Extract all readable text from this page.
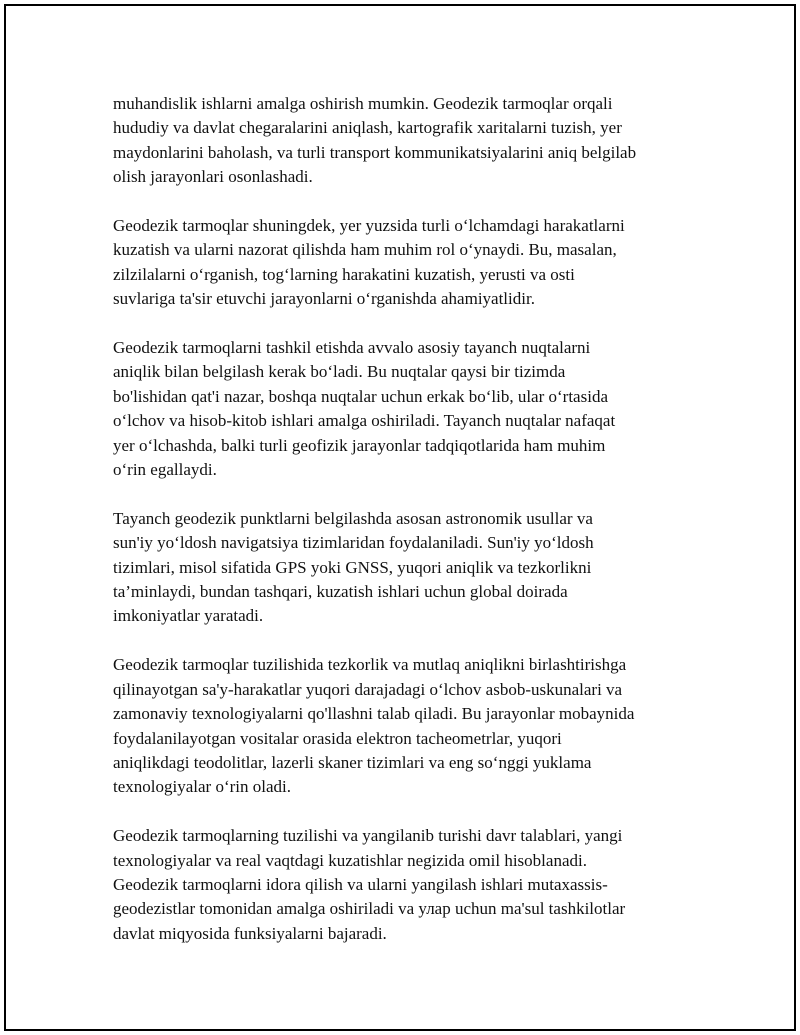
muhandislik ishlarni amalga oshirish mumkin. Geodezik tarmoqlar orqali
hududiy va davlat chegaralarini aniqlash, kartografik xaritalarni tuzish, yer
maydonlarini baholash, va turli transport kommunikatsiyalarini aniq belgilab
olish jarayonlari osonlashadi.

Geodezik tarmoqlar shuningdek, yer yuzsida turli o‘lchamdagi harakatlarni
kuzatish va ularni nazorat qilishda ham muhim rol o‘ynaydi. Bu, masalan,
zilzilalarni o‘rganish, tog‘larning harakatini kuzatish, yerusti va osti
suvlariga ta'sir etuvchi jarayonlarni o‘rganishda ahamiyatlidir.

Geodezik tarmoqlarni tashkil etishda avvalo asosiy tayanch nuqtalarni
aniqlik bilan belgilash kerak bo‘ladi. Bu nuqtalar qaysi bir tizimda
bo'lishidan qat'i nazar, boshqa nuqtalar uchun erkak bo‘lib, ular o‘rtasida
o‘lchov va hisob-kitob ishlari amalga oshiriladi. Tayanch nuqtalar nafaqat
yer o‘lchashda, balki turli geofizik jarayonlar tadqiqotlarida ham muhim
o‘rin egallaydi.

Tayanch geodezik punktlarni belgilashda asosan astronomik usullar va
sun'iy yo‘ldosh navigatsiya tizimlaridan foydalaniladi. Sun'iy yo‘ldosh
tizimlari, misol sifatida GPS yoki GNSS, yuqori aniqlik va tezkorlikni
ta’minlaydi, bundan tashqari, kuzatish ishlari uchun global doirada
imkoniyatlar yaratadi.

Geodezik tarmoqlar tuzilishida tezkorlik va mutlaq aniqlikni birlashtirishga
qilinayotgan sa'y-harakatlar yuqori darajadagi o‘lchov asbob-uskunalari va
zamonaviy texnologiyalarni qo'llashni talab qiladi. Bu jarayonlar mobaynida
foydalanilayotgan vositalar orasida elektron tacheometrlar, yuqori
aniqlikdagi teodolitlar, lazerli skaner tizimlari va eng so‘nggi yuklama
texnologiyalar o‘rin oladi.

Geodezik tarmoqlarning tuzilishi va yangilanib turishi davr talablari, yangi
texnologiyalar va real vaqtdagi kuzatishlar negizida omil hisoblanadi.
Geodezik tarmoqlarni idora qilish va ularni yangilash ishlari mutaxassis-
geodezistlar tomonidan amalga oshiriladi va улар uchun ma'sul tashkilotlar
davlat miqyosida funksiyalarni bajaradi.
